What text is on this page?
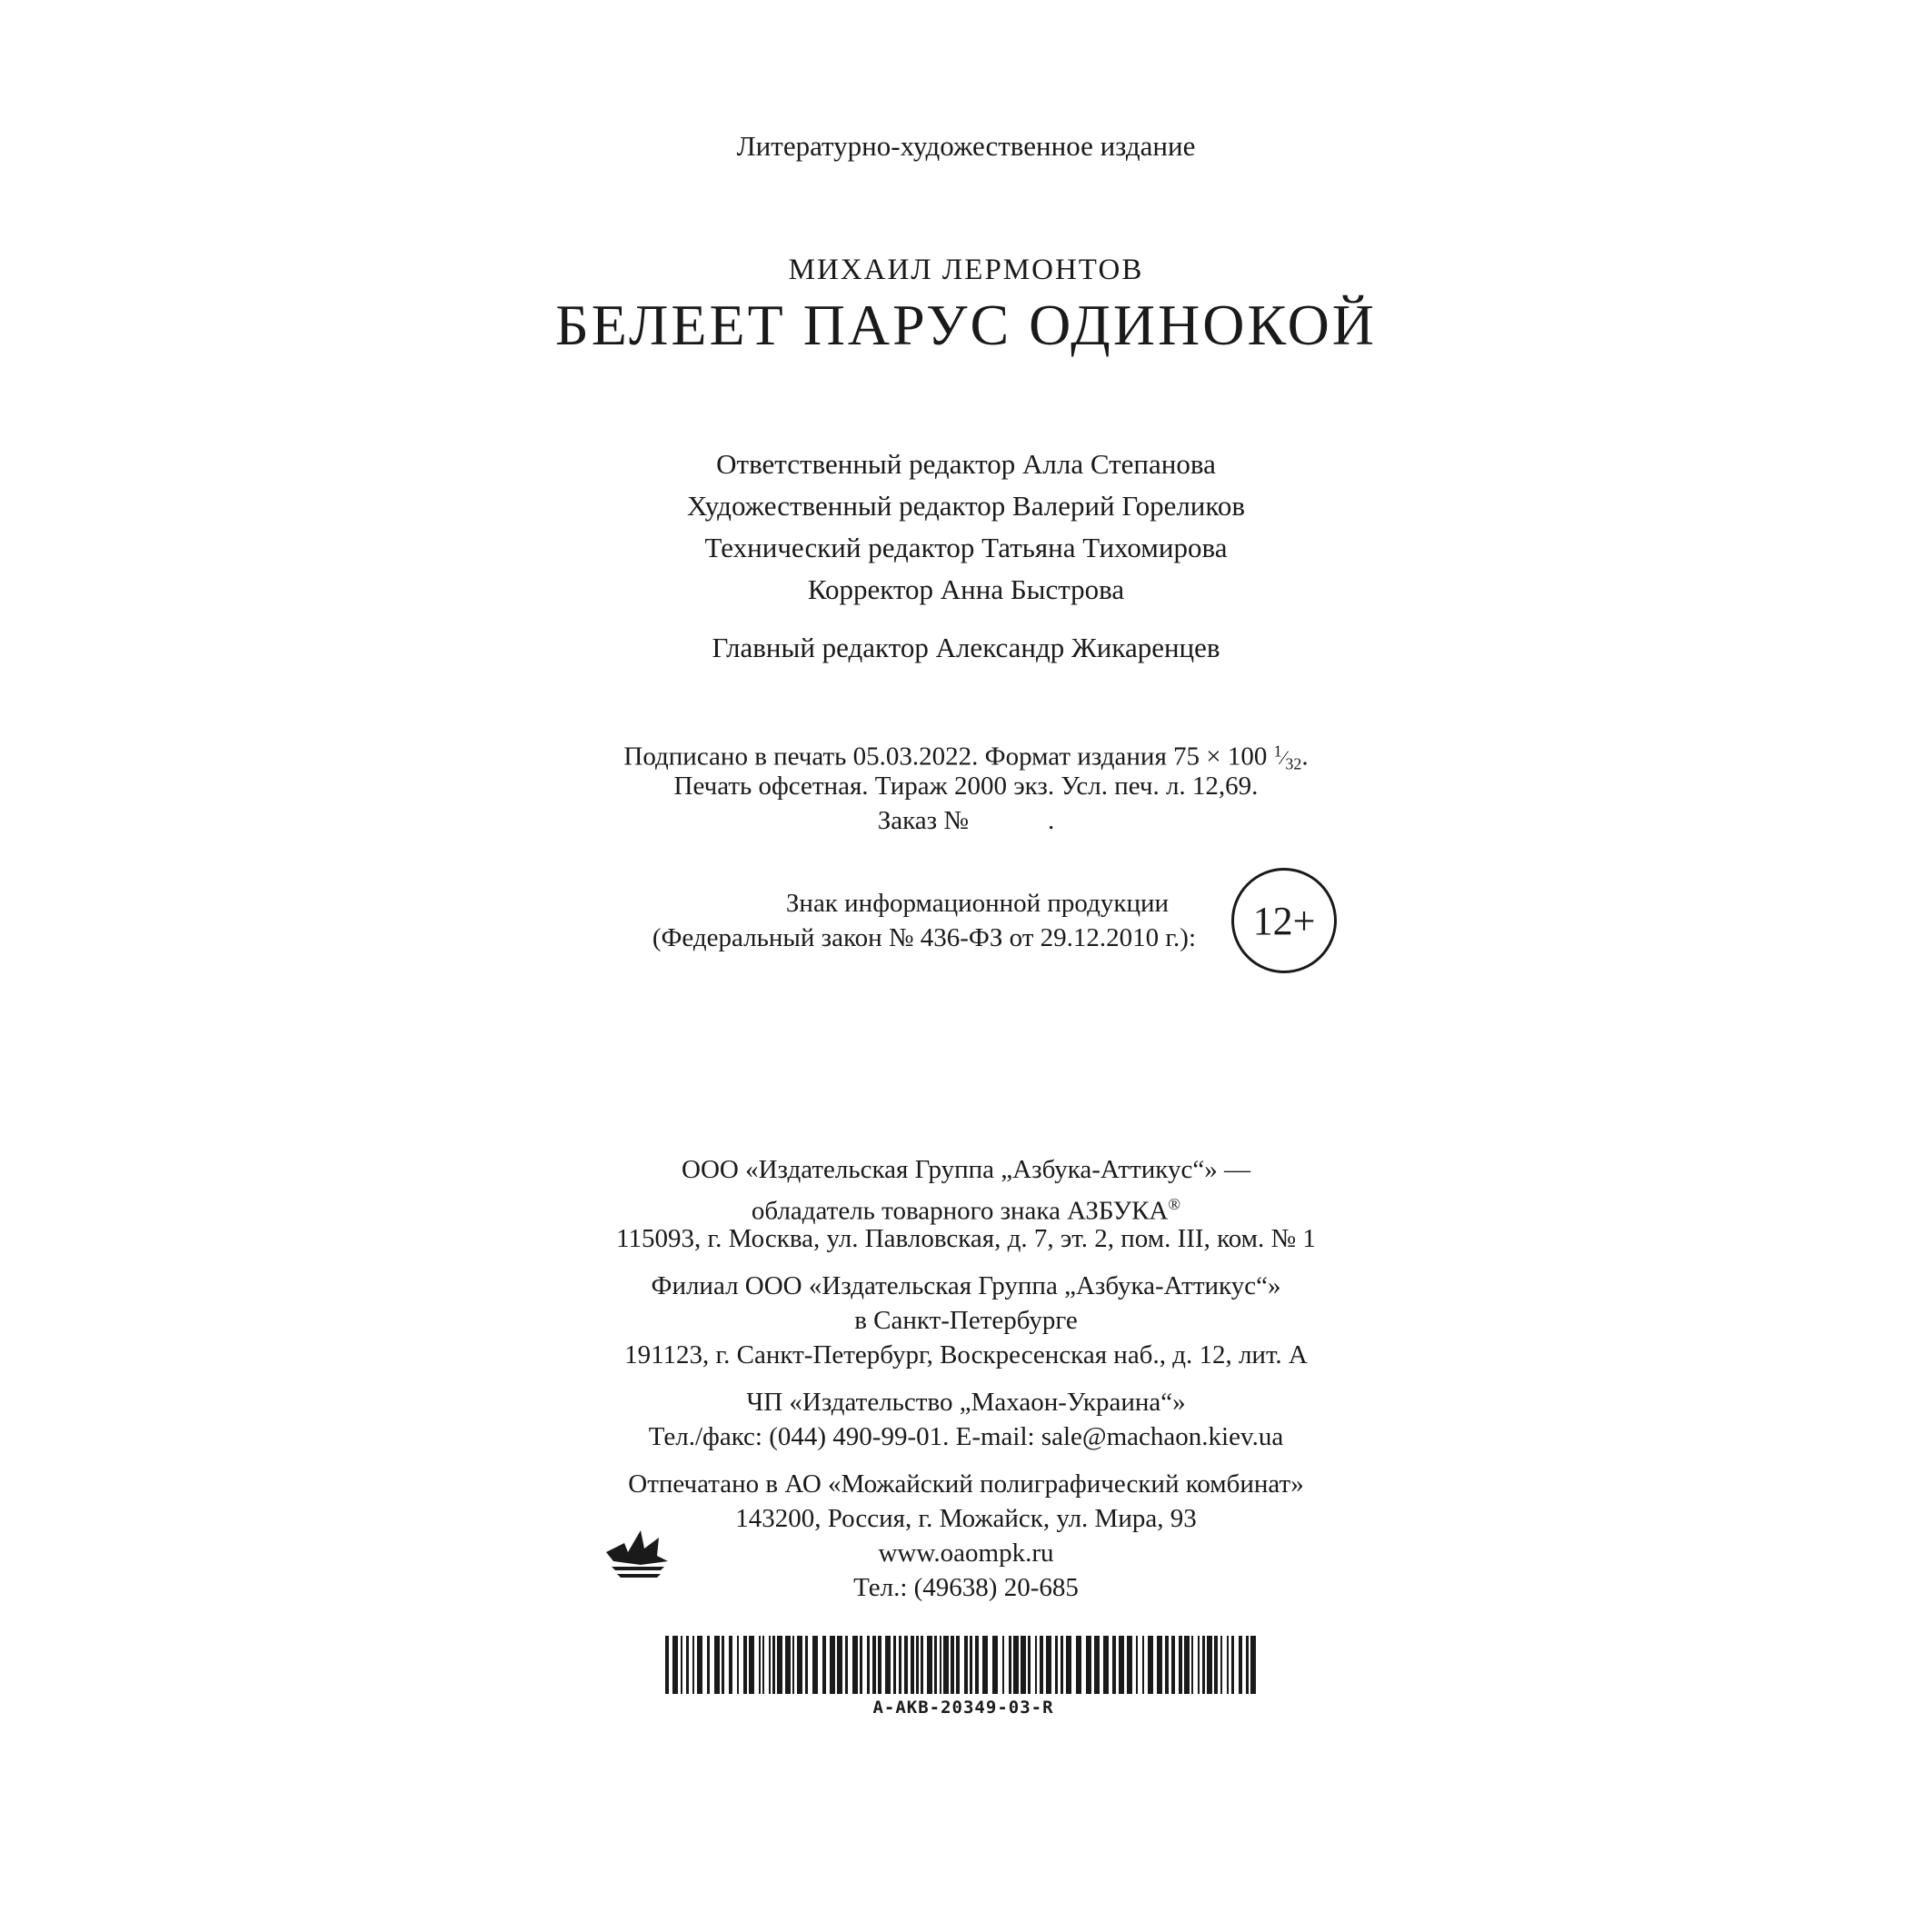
Литературно-художественное издание
МИХАИЛ ЛЕРМОНТОВ
БЕЛЕЕТ ПАРУС ОДИНОКОЙ
Ответственный редактор Алла Степанова
Художественный редактор Валерий Гореликов
Технический редактор Татьяна Тихомирова
Корректор Анна Быстрова
Главный редактор Александр Жикаренцев
Подписано в печать 05.03.2022. Формат издания 75 × 100 $^1⁄_{32}$.
Печать офсетная. Тираж 2000 экз. Усл. печ. л. 12,69.
Заказ №            .
Знак информационной продукции
(Федеральный закон № 436-ФЗ от 29.12.2010 г.):	12+
ООО «Издательская Группа „Азбука-Аттикус“» —
обладатель товарного знака АЗБУКА®
115093, г. Москва, ул. Павловская, д. 7, эт. 2, пом. III, ком. № 1
Филиал ООО «Издательская Группа „Азбука-Аттикус“»
в Санкт-Петербурге
191123, г. Санкт-Петербург, Воскресенская наб., д. 12, лит. А
ЧП «Издательство „Махаон-Украина“»
Тел./факс: (044) 490-99-01. E-mail: sale@machaon.kiev.ua
Отпечатано в АО «Можайский полиграфический комбинат»
143200, Россия, г. Можайск, ул. Мира, 93
www.oaompk.ru
Тел.: (49638) 20-685
A-AKB-20349-03-R
